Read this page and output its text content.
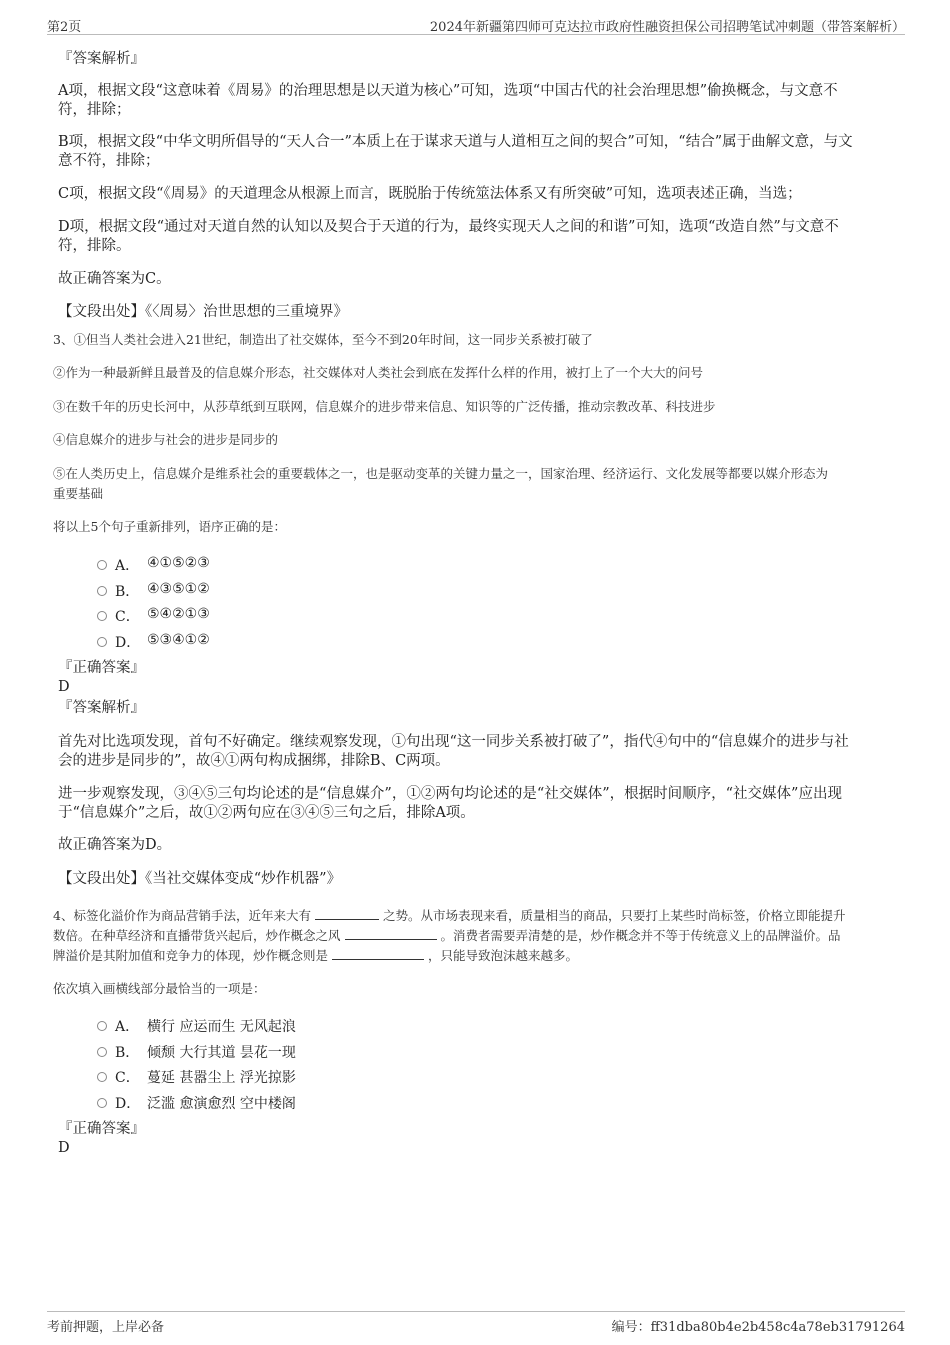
第2页	2024年新疆第四师可克达拉市政府性融资担保公司招聘笔试冲刺题（带答案解析）
『答案解析』
A项，根据文段“这意味着《周易》的治理思想是以天道为核心”可知，选项“中国古代的社会治理思想”偷换概念，与文意不
符，排除；
B项，根据文段“中华文明所倡导的“天人合一”本质上在于谋求天道与人道相互之间的契合”可知，“结合”属于曲解文意，与文
意不符，排除；
C项，根据文段“《周易》的天道理念从根源上而言，既脱胎于传统筮法体系又有所突破”可知，选项表述正确，当选；
D项，根据文段“通过对天道自然的认知以及契合于天道的行为，最终实现天人之间的和谐”可知，选项“改造自然”与文意不
符，排除。
故正确答案为C。
【文段出处】《〈周易〉治世思想的三重境界》
3、①但当人类社会进入21世纪，制造出了社交媒体，至今不到20年时间，这一同步关系被打破了
②作为一种最新鲜且最普及的信息媒介形态，社交媒体对人类社会到底在发挥什么样的作用，被打上了一个大大的问号
③在数千年的历史长河中，从莎草纸到互联网，信息媒介的进步带来信息、知识等的广泛传播，推动宗教改革、科技进步
④信息媒介的进步与社会的进步是同步的
⑤在人类历史上，信息媒介是维系社会的重要载体之一，也是驱动变革的关键力量之一，国家治理、经济运行、文化发展等都要以媒介形态为
重要基础
将以上5个句子重新排列，语序正确的是：
A． ④①⑤②③
B． ④③⑤①②
C． ⑤④②①③
D． ⑤③④①②
『正确答案』
D
『答案解析』
首先对比选项发现，首句不好确定。继续观察发现，①句出现“这一同步关系被打破了”，指代④句中的“信息媒介的进步与社
会的进步是同步的”，故④①两句构成捆绑，排除B、C两项。
进一步观察发现，③④⑤三句均论述的是“信息媒介”，①②两句均论述的是“社交媒体”，根据时间顺序，“社交媒体”应出现
于“信息媒介”之后，故①②两句应在③④⑤三句之后，排除A项。
故正确答案为D。
【文段出处】《当社交媒体变成“炒作机器”》
4、标签化溢价作为商品营销手法，近年来大有	之势。从市场表现来看，质量相当的商品，只要打上某些时尚标签，价格立即能提升
数倍。在种草经济和直播带货兴起后，炒作概念之风	。消费者需要弄清楚的是，炒作概念并不等于传统意义上的品牌溢价。品
牌溢价是其附加值和竞争力的体现，炒作概念则是	，只能导致泡沫越来越多。
依次填入画横线部分最恰当的一项是：
A． 横行 应运而生 无风起浪
B． 倾颓 大行其道 昙花一现
C． 蔓延 甚嚣尘上 浮光掠影
D． 泛滥 愈演愈烈 空中楼阁
『正确答案』
D
考前押题，上岸必备	编号：ff31dba80b4e2b458c4a78eb31791264
